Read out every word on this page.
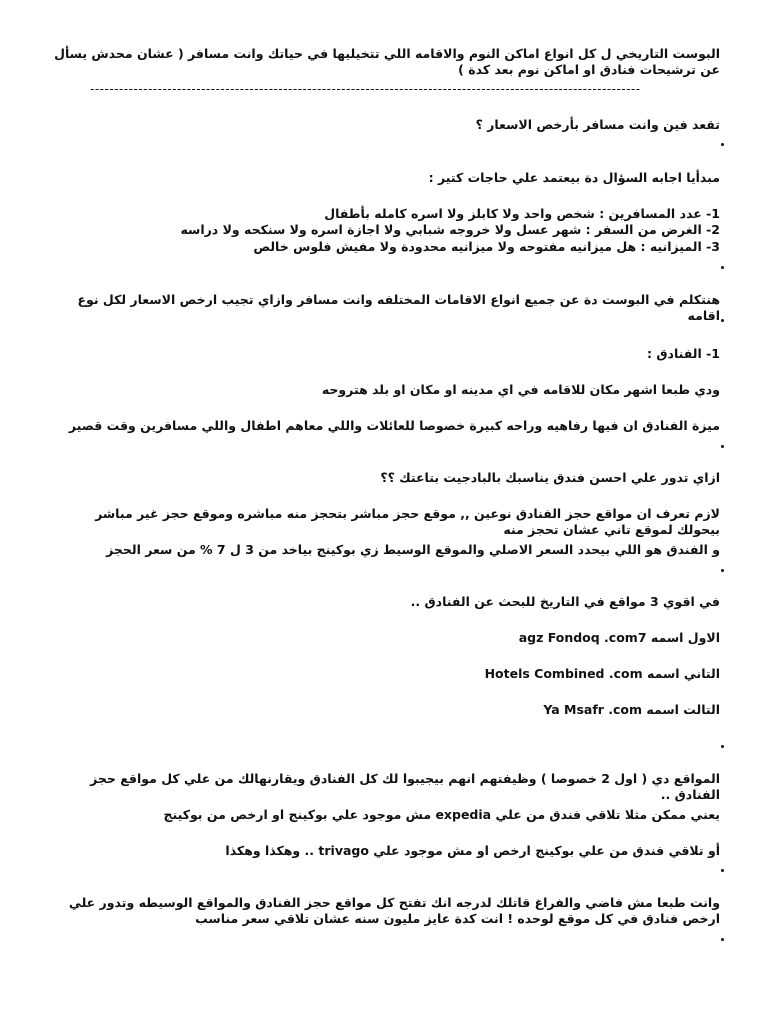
البوست التاريخي ل كل انواع اماكن النوم والاقامه اللي تتخيليها في حياتك وانت مسافر ( عشان محدش يسأل عن ترشيحات فنادق او اماكن نوم بعد كدة )
------------------------------------------------------------------------------------------------------------------
تقعد فين وانت مسافر بأرخص الاسعار ؟
مبدأيا اجابه السؤال دة بيعتمد علي حاجات كتير :
1- عدد المسافرين : شخص واحد ولا كابلز ولا اسره كامله بأطفال
2- الغرض من السفر : شهر عسل ولا خروجه شبابي ولا اجازة اسره ولا سنكحه ولا دراسه
3- الميزانيه : هل ميزانيه مفتوحه ولا ميزانيه محدودة ولا مفيش فلوس خالص
هنتكلم في البوست دة عن جميع انواع الاقامات المختلفه وانت مسافر وازاي تجيب ارخص الاسعار لكل نوع اقامه
1- الفنادق :
ودي طبعا اشهر مكان للاقامه في اي مدينه او مكان او بلد هتروحه
ميزة الفنادق ان فيها رفاهيه وراحه كبيرة خصوصا للعائلات واللي معاهم اطفال واللي مسافرين وقت قصير
ازاي تدور علي احسن فندق يناسبك بالبادجيت بتاعتك ؟؟
لازم تعرف ان مواقع حجز الفنادق نوعين ,, موقع حجز مباشر بتحجز منه مباشره وموقع حجز غير مباشر بيحولك لموقع تاني عشان تحجز منه
و الفندق هو اللي بيحدد السعر الاصلي والموقع الوسيط زي بوكينج بياخد من 3 ل 7 % من سعر الحجز
في اقوي 3 مواقع في التاريخ للبحث عن الفنادق ..
الاول اسمه agz Fondoq .com7
التاني اسمه Hotels Combined .com
التالت اسمه Ya Msafr .com
المواقع دي ( اول 2 خصوصا ) وظيفتهم انهم بيجيبوا لك كل الفنادق ويقارنهالك من علي كل مواقع حجز الفنادق ..
يعني ممكن مثلا تلاقي فندق من علي expedia مش موجود علي بوكينج او ارخص من بوكينج
أو تلاقي فندق من علي بوكينج ارخص او مش موجود علي trivago .. وهكذا وهكذا
وانت طبعا مش فاضي والفراغ قاتلك لدرجه انك تفتح كل مواقع حجز الفنادق والمواقع الوسيطه وتدور علي ارخص فنادق في كل موقع لوحده ! انت كدة عايز مليون سنه عشان تلاقي سعر مناسب
